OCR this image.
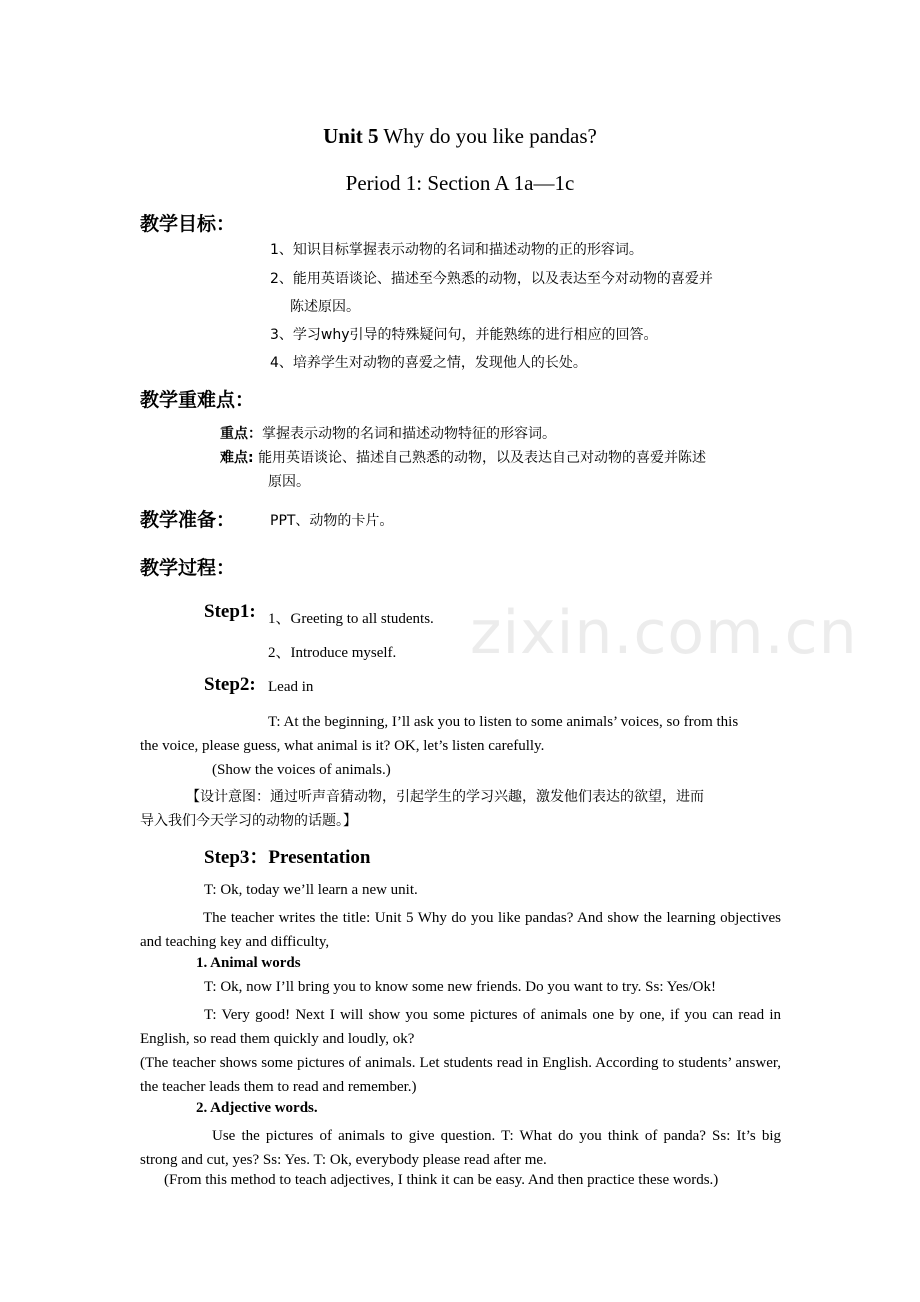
Unit 5 Why do you like pandas?
Period 1: Section A 1a—1c
教学目标：
1、知识目标掌握表示动物的名词和描述动物的正的形容词。
2、能用英语谈论、描述至今熟悉的动物，以及表达至今对动物的喜爱并
陈述原因。
3、学习why引导的特殊疑问句，并能熟练的进行相应的回答。
4、培养学生对动物的喜爱之情，发现他人的长处。
教学重难点：
重点：掌握表示动物的名词和描述动物特征的形容词。
难点: 能用英语谈论、描述自己熟悉的动物，以及表达自己对动物的喜爱并陈述
原因。
教学准备： PPT、动物的卡片。
教学过程：
zixin.com.cn
Step1: 1、Greeting to all students.
2、Introduce myself.
Step2: Lead in
T: At the beginning, I’ll ask you to listen to some animals’ voices, so from this
the voice, please guess, what animal is it? OK, let’s listen carefully.
(Show the voices of animals.)
【设计意图：通过听声音猜动物，引起学生的学习兴趣，激发他们表达的欲望，进而
导入我们今天学习的动物的话题。】
Step3：Presentation
T: Ok, today we’ll learn a new unit.
The teacher writes the title: Unit 5 Why do you like pandas? And show the learning objectives and teaching key and difficulty,
1. Animal words
T: Ok, now I’ll bring you to know some new friends. Do you want to try. Ss: Yes/Ok!
T: Very good! Next I will show you some pictures of animals one by one, if you can read in English, so read them quickly and loudly, ok?
(The teacher shows some pictures of animals. Let students read in English. According to students’ answer, the teacher leads them to read and remember.)
2. Adjective words.
Use the pictures of animals to give question. T: What do you think of panda? Ss: It’s big strong and cut, yes? Ss: Yes. T: Ok, everybody please read after me.
(From this method to teach adjectives, I think it can be easy. And then practice these words.)
